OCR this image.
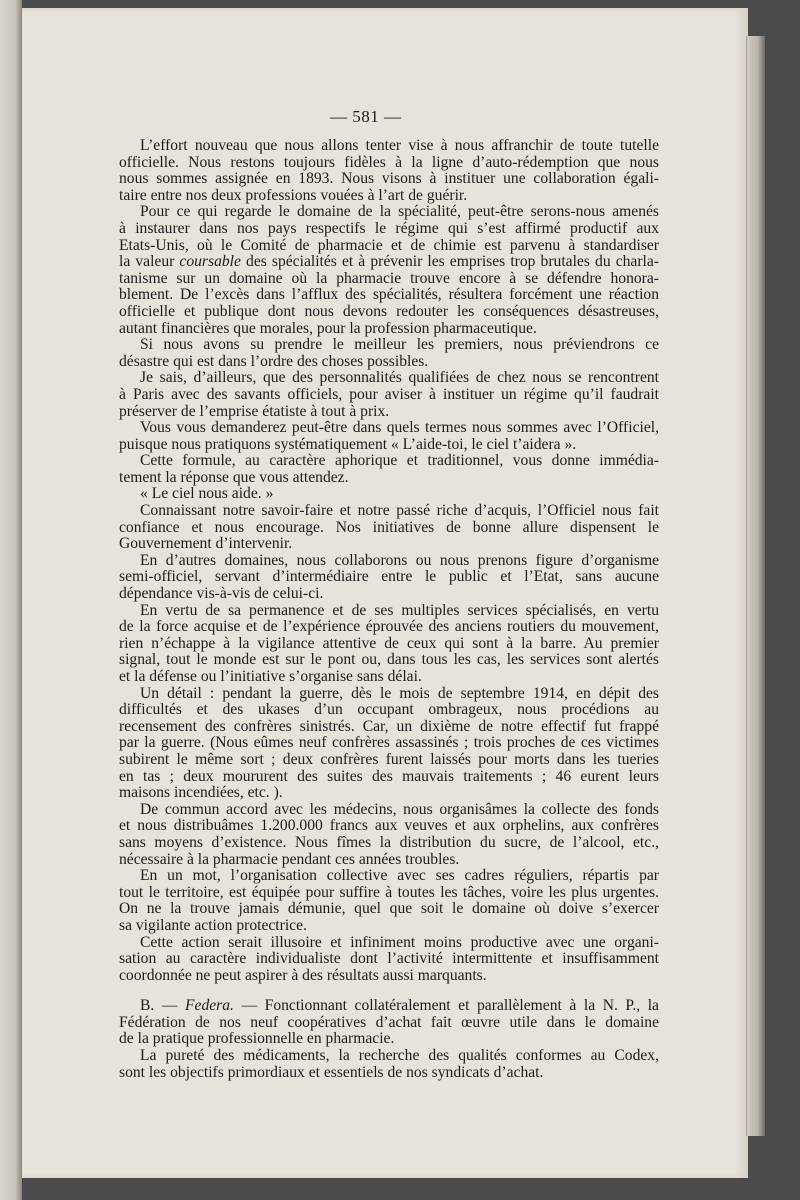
— 581 —
L’effort nouveau que nous allons tenter vise à nous affranchir de toute tutelle
officielle. Nous restons toujours fidèles à la ligne d’auto-rédemption que nous
nous sommes assignée en 1893. Nous visons à instituer une collaboration égali-
taire entre nos deux professions vouées à l’art de guérir.
Pour ce qui regarde le domaine de la spécialité, peut-être serons-nous amenés
à instaurer dans nos pays respectifs le régime qui s’est affirmé productif aux
Etats-Unis, où le Comité de pharmacie et de chimie est parvenu à standardiser
la valeur coursable des spécialités et à prévenir les emprises trop brutales du charla-
tanisme sur un domaine où la pharmacie trouve encore à se défendre honora-
blement. De l’excès dans l’afflux des spécialités, résultera forcément une réaction
officielle et publique dont nous devons redouter les conséquences désastreuses,
autant financières que morales, pour la profession pharmaceutique.
Si nous avons su prendre le meilleur les premiers, nous préviendrons ce
désastre qui est dans l’ordre des choses possibles.
Je sais, d’ailleurs, que des personnalités qualifiées de chez nous se rencontrent
à Paris avec des savants officiels, pour aviser à instituer un régime qu’il faudrait
préserver de l’emprise étatiste à tout à prix.
Vous vous demanderez peut-être dans quels termes nous sommes avec l’Officiel,
puisque nous pratiquons systématiquement « L’aide-toi, le ciel t’aidera ».
Cette formule, au caractère aphorique et traditionnel, vous donne immédia-
tement la réponse que vous attendez.
« Le ciel nous aide. »
Connaissant notre savoir-faire et notre passé riche d’acquis, l’Officiel nous fait
confiance et nous encourage. Nos initiatives de bonne allure dispensent le
Gouvernement d’intervenir.
En d’autres domaines, nous collaborons ou nous prenons figure d’organisme
semi-officiel, servant d’intermédiaire entre le public et l’Etat, sans aucune
dépendance vis-à-vis de celui-ci.
En vertu de sa permanence et de ses multiples services spécialisés, en vertu
de la force acquise et de l’expérience éprouvée des anciens routiers du mouvement,
rien n’échappe à la vigilance attentive de ceux qui sont à la barre. Au premier
signal, tout le monde est sur le pont ou, dans tous les cas, les services sont alertés
et la défense ou l’initiative s’organise sans délai.
Un détail : pendant la guerre, dès le mois de septembre 1914, en dépit des
difficultés et des ukases d’un occupant ombrageux, nous procédions au
recensement des confrères sinistrés. Car, un dixième de notre effectif fut frappé
par la guerre. (Nous eûmes neuf confrères assassinés ; trois proches de ces victimes
subirent le même sort ; deux confrères furent laissés pour morts dans les tueries
en tas ; deux moururent des suites des mauvais traitements ; 46 eurent leurs
maisons incendiées, etc. ).
De commun accord avec les médecins, nous organisâmes la collecte des fonds
et nous distribuâmes 1.200.000 francs aux veuves et aux orphelins, aux confrères
sans moyens d’existence. Nous fîmes la distribution du sucre, de l’alcool, etc.,
nécessaire à la pharmacie pendant ces années troubles.
En un mot, l’organisation collective avec ses cadres réguliers, répartis par
tout le territoire, est équipée pour suffire à toutes les tâches, voire les plus urgentes.
On ne la trouve jamais démunie, quel que soit le domaine où doive s’exercer
sa vigilante action protectrice.
Cette action serait illusoire et infiniment moins productive avec une organi-
sation au caractère individualiste dont l’activité intermittente et insuffisamment
coordonnée ne peut aspirer à des résultats aussi marquants.
B. — Federa. — Fonctionnant collatéralement et parallèlement à la N. P., la
Fédération de nos neuf coopératives d’achat fait œuvre utile dans le domaine
de la pratique professionnelle en pharmacie.
La pureté des médicaments, la recherche des qualités conformes au Codex,
sont les objectifs primordiaux et essentiels de nos syndicats d’achat.
